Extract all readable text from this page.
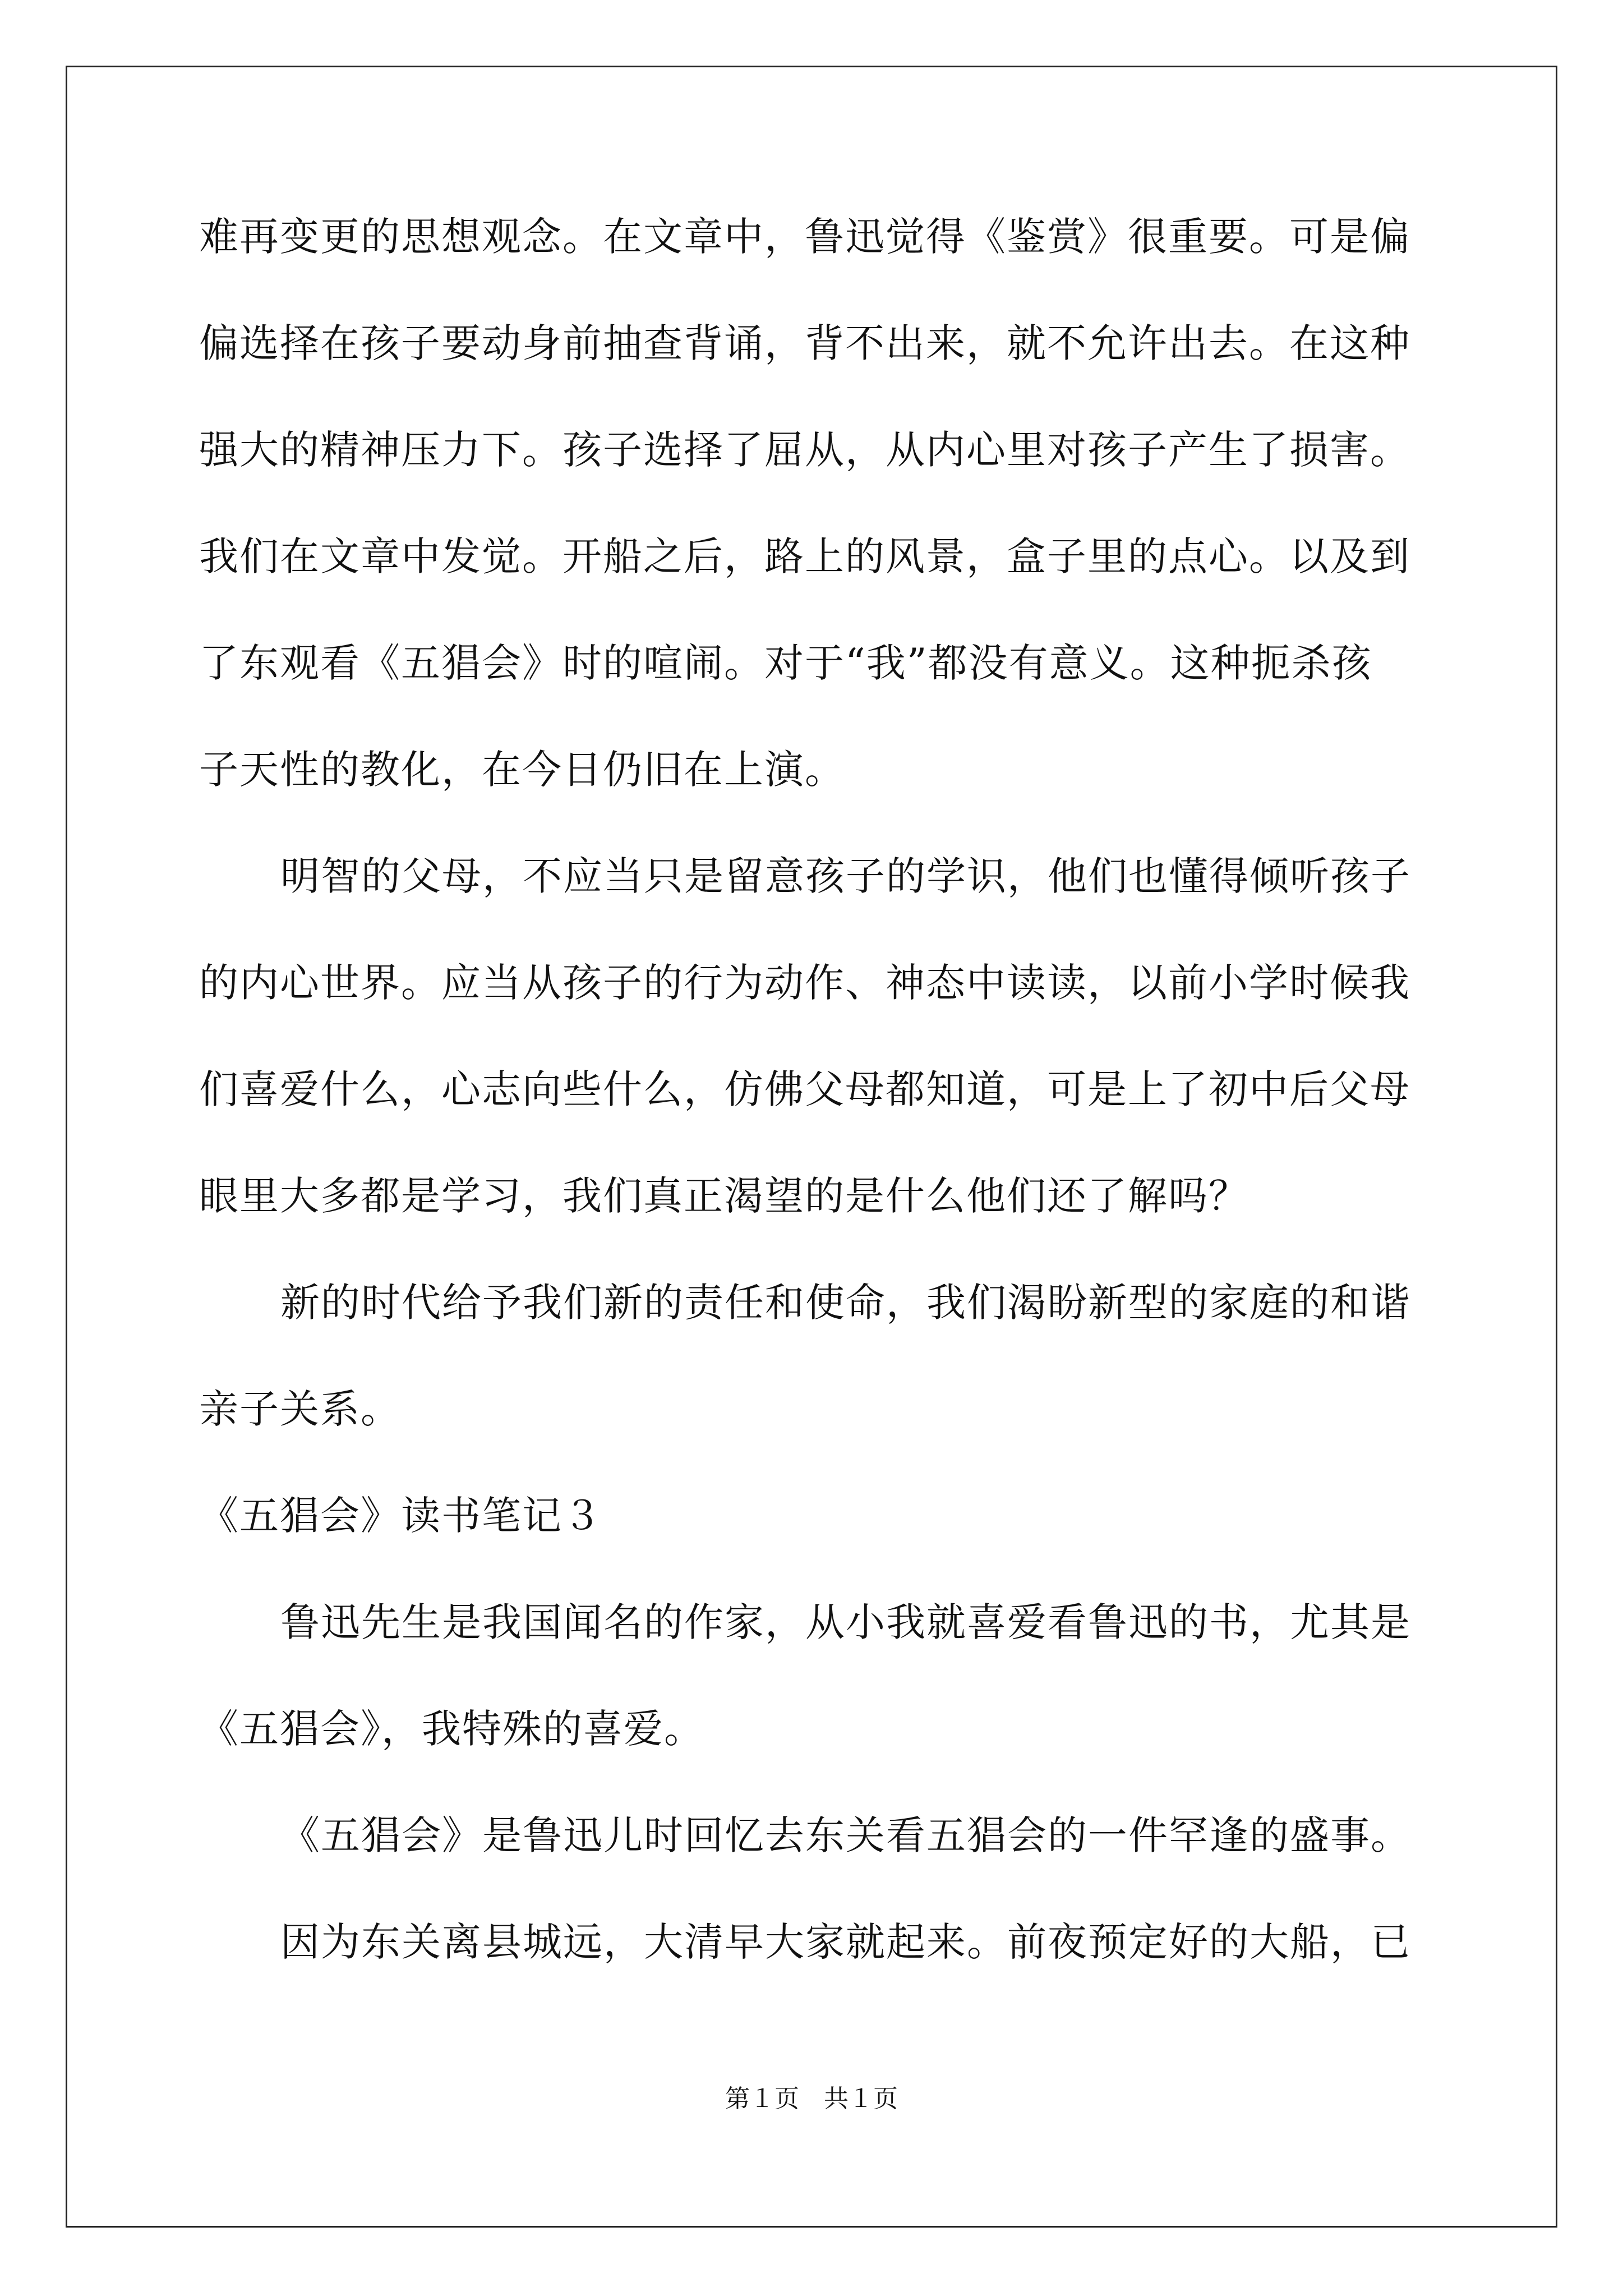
难再变更的思想观念。在文章中，鲁迅觉得《鉴赏》很重要。可是偏
偏选择在孩子要动身前抽查背诵，背不出来，就不允许出去。在这种
强大的精神压力下。孩子选择了屈从，从内心里对孩子产生了损害。
我们在文章中发觉。开船之后，路上的风景，盒子里的点心。以及到
了东观看《五猖会》时的喧闹。对于“我”都没有意义。这种扼杀孩
子天性的教化，在今日仍旧在上演。
明智的父母，不应当只是留意孩子的学识，他们也懂得倾听孩子
的内心世界。应当从孩子的行为动作、神态中读读，以前小学时候我
们喜爱什么，心志向些什么，仿佛父母都知道，可是上了初中后父母
眼里大多都是学习，我们真正渴望的是什么他们还了解吗？
新的时代给予我们新的责任和使命，我们渴盼新型的家庭的和谐
亲子关系。
《五猖会》读书笔记３
鲁迅先生是我国闻名的作家，从小我就喜爱看鲁迅的书，尤其是
《五猖会》，我特殊的喜爱。
《五猖会》是鲁迅儿时回忆去东关看五猖会的一件罕逢的盛事。
因为东关离县城远，大清早大家就起来。前夜预定好的大船，已
第１页　共１页
